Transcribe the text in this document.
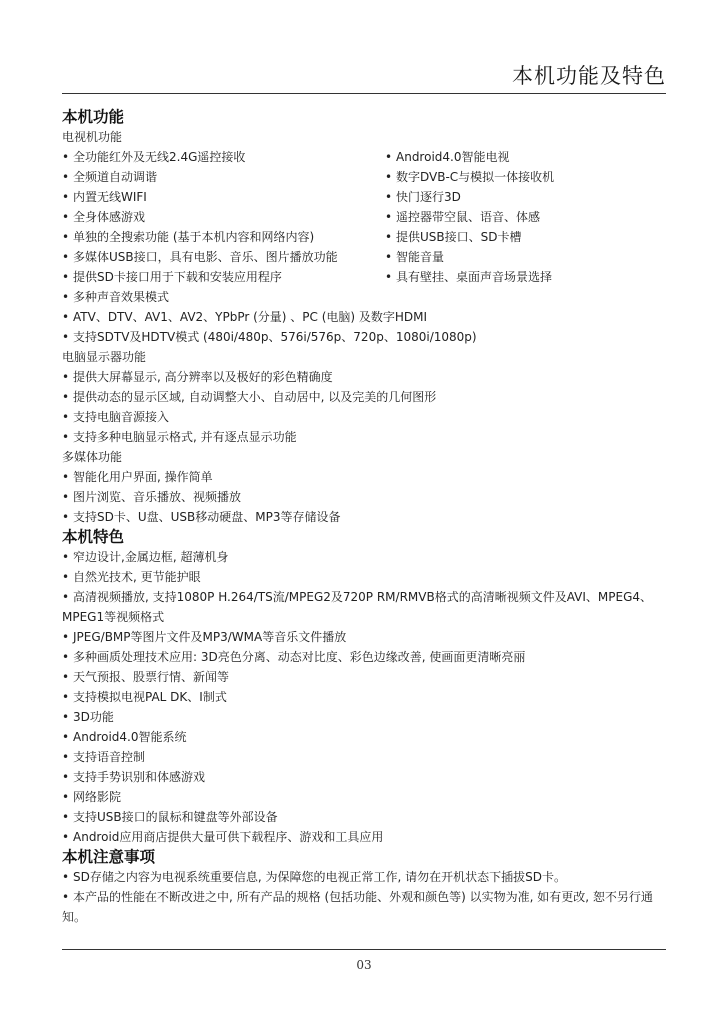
本机功能及特色
本机功能
电视机功能
• 全功能红外及无线2.4G遥控接收
• 全频道自动调谐
• 内置无线WIFI
• 全身体感游戏
• 单独的全搜索功能 (基于本机内容和网络内容)
• 多媒体USB接口，具有电影、音乐、图片播放功能
• 提供SD卡接口用于下载和安装应用程序
• Android4.0智能电视
• 数字DVB-C与模拟一体接收机
• 快门逐行3D
• 遥控器带空鼠、语音、体感
• 提供USB接口、SD卡槽
• 智能音量
• 具有壁挂、桌面声音场景选择
• 多种声音效果模式
• ATV、DTV、AV1、AV2、YPbPr (分量) 、PC (电脑) 及数字HDMI
• 支持SDTV及HDTV模式 (480i/480p、576i/576p、720p、1080i/1080p)
电脑显示器功能
• 提供大屏幕显示, 高分辨率以及极好的彩色精确度
• 提供动态的显示区域, 自动调整大小、自动居中, 以及完美的几何图形
• 支持电脑音源接入
• 支持多种电脑显示格式, 并有逐点显示功能
多媒体功能
• 智能化用户界面, 操作简单
• 图片浏览、音乐播放、视频播放
• 支持SD卡、U盘、USB移动硬盘、MP3等存储设备
本机特色
• 窄边设计,金属边框, 超薄机身
• 自然光技术, 更节能护眼
• 高清视频播放, 支持1080P H.264/TS流/MPEG2及720P RM/RMVB格式的高清晰视频文件及AVI、MPEG4、MPEG1等视频格式
• JPEG/BMP等图片文件及MP3/WMA等音乐文件播放
• 多种画质处理技术应用: 3D亮色分离、动态对比度、彩色边缘改善, 使画面更清晰亮丽
• 天气预报、股票行情、新闻等
• 支持模拟电视PAL DK、I制式
• 3D功能
• Android4.0智能系统
• 支持语音控制
• 支持手势识别和体感游戏
• 网络影院
• 支持USB接口的鼠标和键盘等外部设备
• Android应用商店提供大量可供下载程序、游戏和工具应用
本机注意事项
• SD存储之内容为电视系统重要信息, 为保障您的电视正常工作, 请勿在开机状态下插拔SD卡。
• 本产品的性能在不断改进之中, 所有产品的规格 (包括功能、外观和颜色等) 以实物为准, 如有更改, 恕不另行通知。
03
